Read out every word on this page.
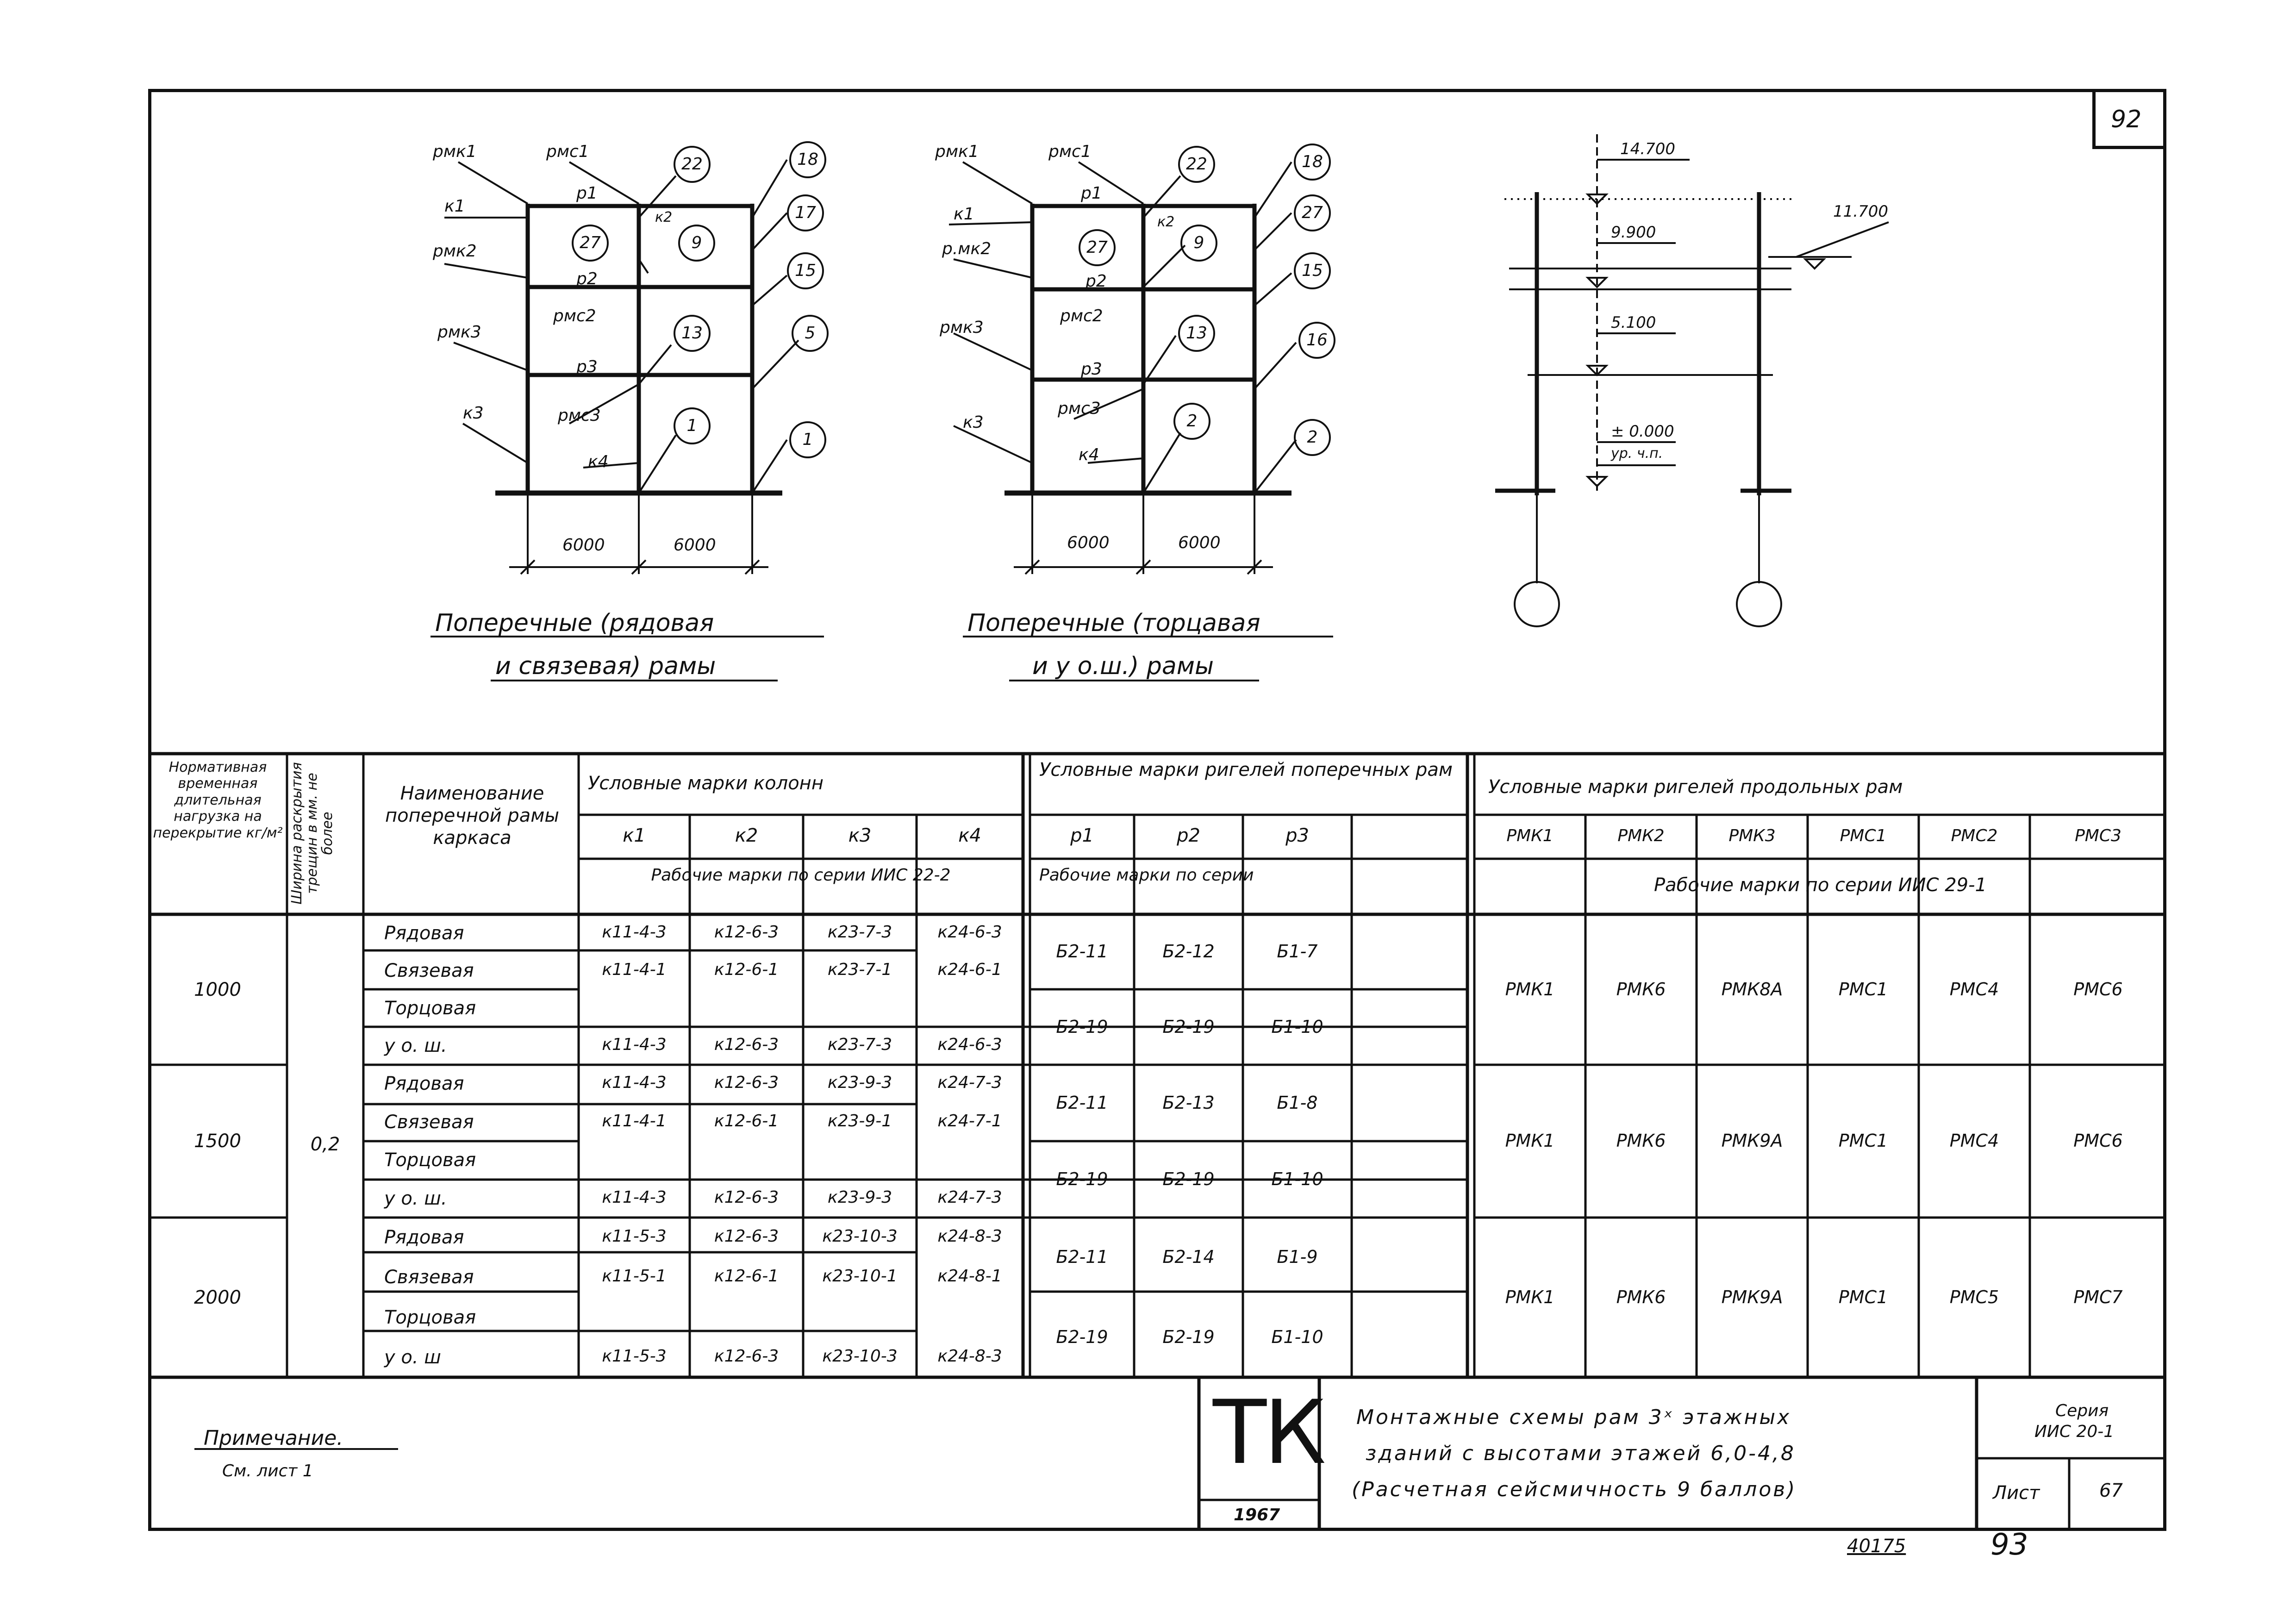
92
рмк1	рмс1
к1
р1
к2
рмк2
р2
рмс2
рмк3
р3
к3	рмс3
к4
22	18
27	9
17
15
13	5
1
1
6000	6000
Поперечные (рядовая
и связевая) рамы
рмк1	рмс1
к1
р1
к2
р.мк2
р2
рмс2
рмк3
р3
к3
рмс3
к4
22	18
27	9
27
15
13	16
2
2
6000	6000
Поперечные (торцавая
и у о.ш.) рамы
14.700
11.700
9.900
5.100
± 0.000
ур. ч.п.
Нормативная временная длительная нагрузка на перекрытие кг/м² Ширина раскрытия трещин в мм. не более
Наименование поперечной рамы каркаса
Условные марки колонн
к1	к2	к3	к4
Рабочие марки по серии ИИС 22-2
Условные марки ригелей поперечных рам
р1	р2	р3
Рабочие марки по серии
Условные марки ригелей продольных рам
РМК1	РМК2	РМК3	РМС1	РМС2	РМС3
Рабочие марки по серии ИИС 29-1
0,2
1000
Рядовая	к11-4-3	к12-6-3	к23-7-3	к24-6-3
Связевая	к11-4-1	к12-6-1	к23-7-1	к24-6-1
Торцовая
у о. ш.	к11-4-3	к12-6-3	к23-7-3	к24-6-3
Б2-11	Б2-12	Б1-7
Б2-19	Б2-19	Б1-10
РМК1	РМК6	РМК8А	РМС1	РМС4	РМС6
1500
Рядовая	к11-4-3	к12-6-3	к23-9-3	к24-7-3
Связевая	к11-4-1	к12-6-1	к23-9-1	к24-7-1
Торцовая
у о. ш.	к11-4-3	к12-6-3	к23-9-3	к24-7-3
Б2-11	Б2-13	Б1-8
Б2-19	Б2-19	Б1-10
РМК1	РМК6	РМК9А	РМС1	РМС4	РМС6
2000
Рядовая	к11-5-3	к12-6-3	к23-10-3	к24-8-3
Связевая	к11-5-1	к12-6-1	к23-10-1	к24-8-1
Торцовая
у о. ш	к11-5-3	к12-6-3	к23-10-3	к24-8-3
Б2-11	Б2-14	Б1-9
Б2-19	Б2-19	Б1-10
РМК1	РМК6	РМК9А	РМС1	РМС5	РМС7
Примечание.
См. лист 1	ТК
1967
Монтажные схемы рам 3ˣ этажных
зданий с высотами этажей 6,0-4,8
(Расчетная сейсмичность 9 баллов)
Серия
ИИС 20-1
Лист	67
40175	93
